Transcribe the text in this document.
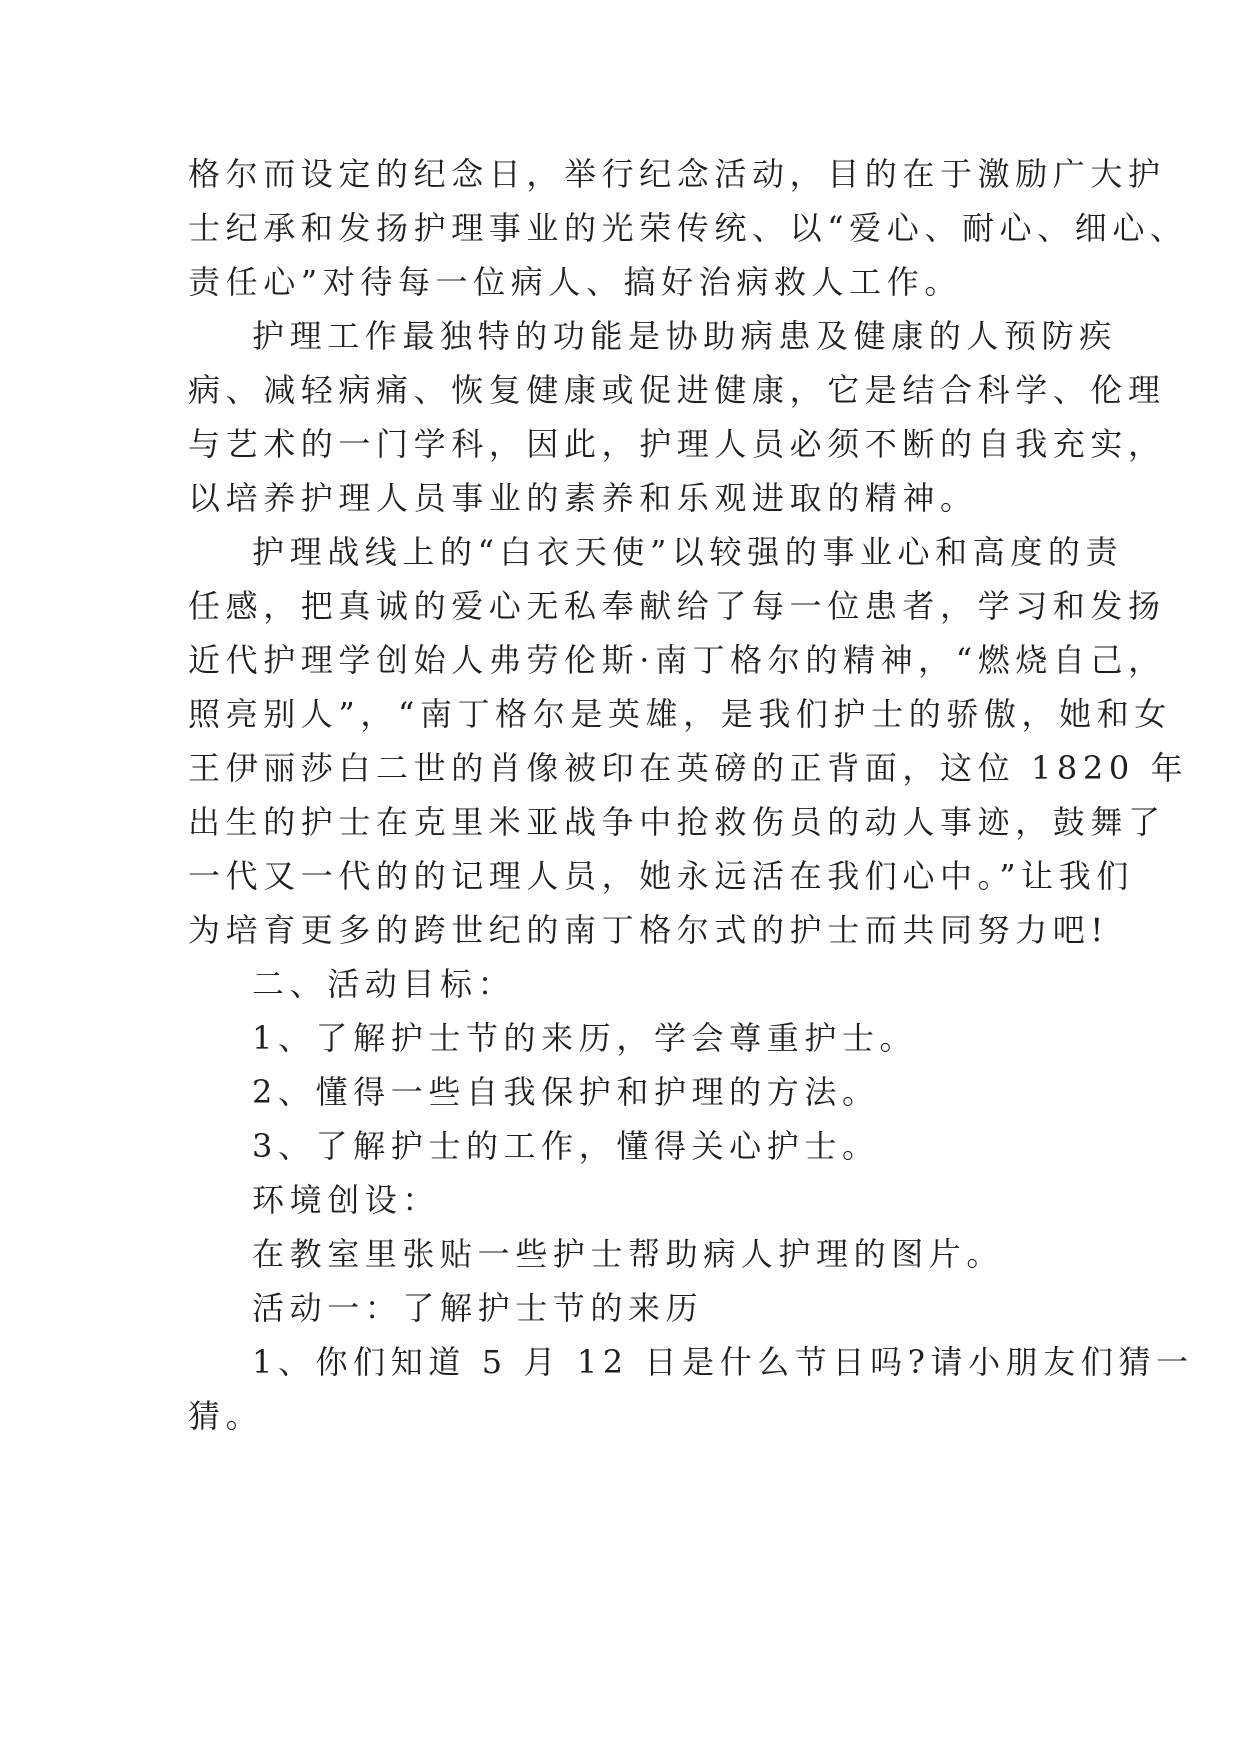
格尔而设定的纪念日，举行纪念活动，目的在于激励广大护
士纪承和发扬护理事业的光荣传统、以“爱心、耐心、细心、
责任心”对待每一位病人、搞好治病救人工作。
护理工作最独特的功能是协助病患及健康的人预防疾
病、减轻病痛、恢复健康或促进健康，它是结合科学、伦理
与艺术的一门学科，因此，护理人员必须不断的自我充实，
以培养护理人员事业的素养和乐观进取的精神。
护理战线上的“白衣天使”以较强的事业心和高度的责
任感，把真诚的爱心无私奉献给了每一位患者，学习和发扬
近代护理学创始人弗劳伦斯·南丁格尔的精神，“燃烧自己，
照亮别人”，“南丁格尔是英雄，是我们护士的骄傲，她和女
王伊丽莎白二世的肖像被印在英磅的正背面，这位 1820 年
出生的护士在克里米亚战争中抢救伤员的动人事迹，鼓舞了
一代又一代的的记理人员，她永远活在我们心中。”让我们
为培育更多的跨世纪的南丁格尔式的护士而共同努力吧!
二、活动目标：
1、了解护士节的来历，学会尊重护士。
2、懂得一些自我保护和护理的方法。
3、了解护士的工作，懂得关心护士。
环境创设：
在教室里张贴一些护士帮助病人护理的图片。
活动一：了解护士节的来历
1、你们知道 5 月 12 日是什么节日吗?请小朋友们猜一
猜。
